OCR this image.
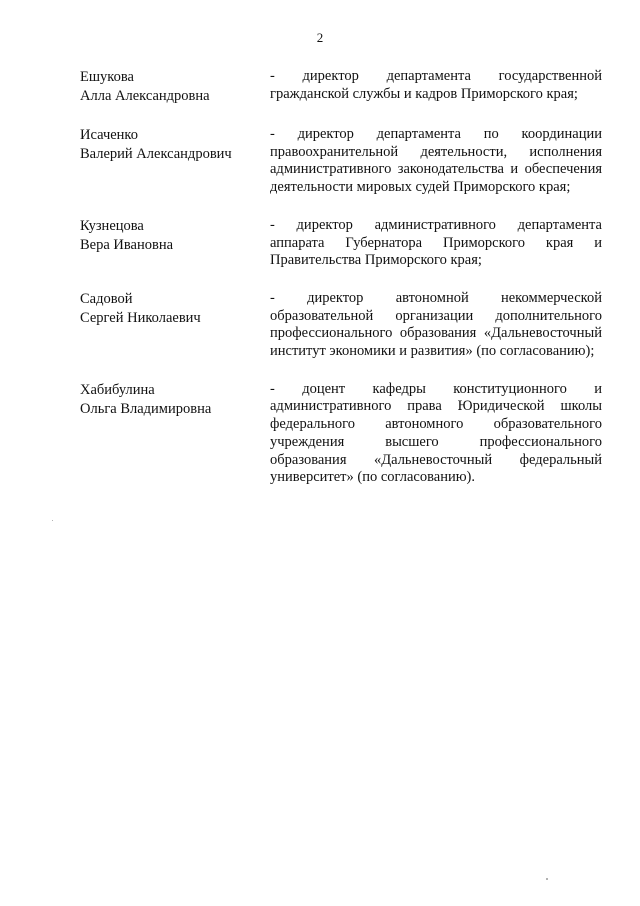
2
Ешукова
Алла Александровна
- директор департамента государственной гражданской службы и кадров Приморского края;
Исаченко
Валерий Александрович
- директор департамента по координации правоохранительной деятельности, исполнения административного законодательства и обеспечения деятельности мировых судей Приморского края;
Кузнецова
Вера Ивановна
- директор административного департамента аппарата Губернатора Приморского края и Правительства Приморского края;
Садовой
Сергей Николаевич
- директор автономной некоммерческой образовательной организации дополнительного профессионального образования «Дальневосточный институт экономики и развития» (по согласованию);
Хабибулина
Ольга Владимировна
- доцент кафедры конституционного и административного права Юридической школы федерального автономного образовательного учреждения высшего профессионального образования «Дальневосточный федеральный университет» (по согласованию).
